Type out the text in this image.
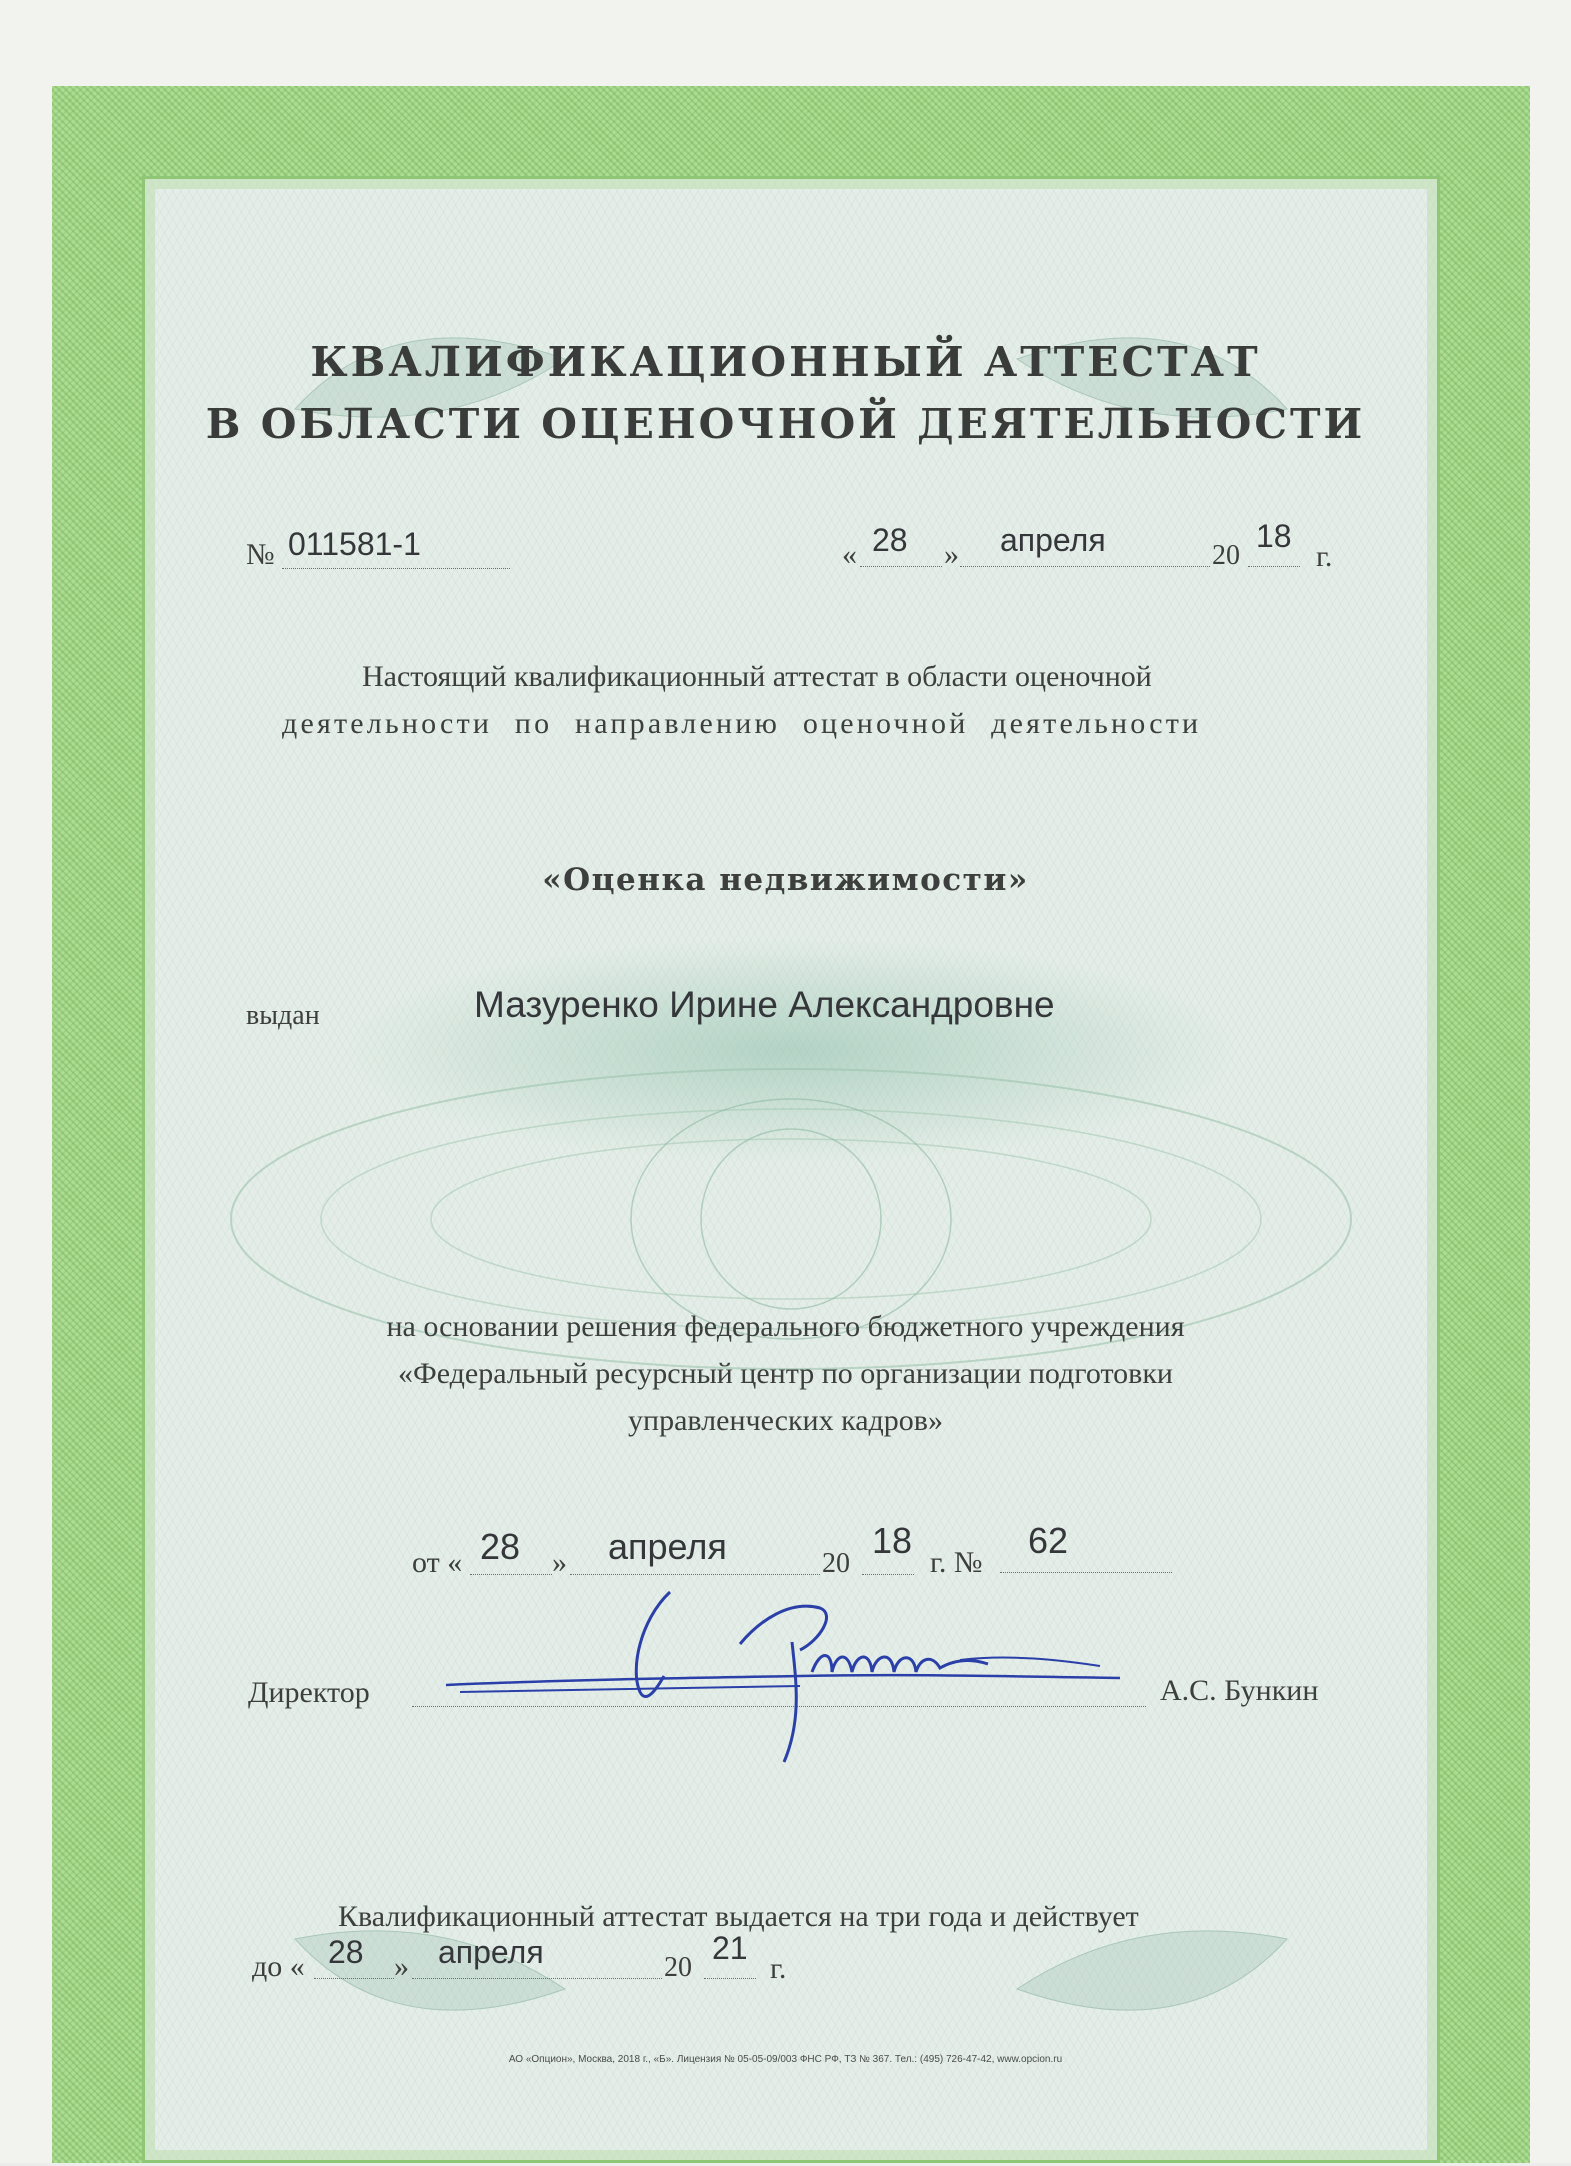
КВАЛИФИКАЦИОННЫЙ АТТЕСТАТ
В ОБЛАСТИ ОЦЕНОЧНОЙ ДЕЯТЕЛЬНОСТИ
№ 011581-1	« 28 » апреля	20
18
г.
Настоящий квалификационный аттестат в области оценочной
деятельности по направлению оценочной деятельности
«Оценка недвижимости»
выдан	Мазуренко Ирине Александровне
на основании решения федерального бюджетного учреждения
«Федеральный ресурсный центр по организации подготовки
управленческих кадров»
от « 28 » апреля	20
18
г. №
62
Директор	А.С. Бункин
Квалификационный аттестат выдается на три года и действует
до « 28 » апреля	20
21
г.
АО «Опцион», Москва, 2018 г., «Б». Лицензия № 05-05-09/003 ФНС РФ, ТЗ № 367. Тел.: (495) 726-47-42, www.opcion.ru
